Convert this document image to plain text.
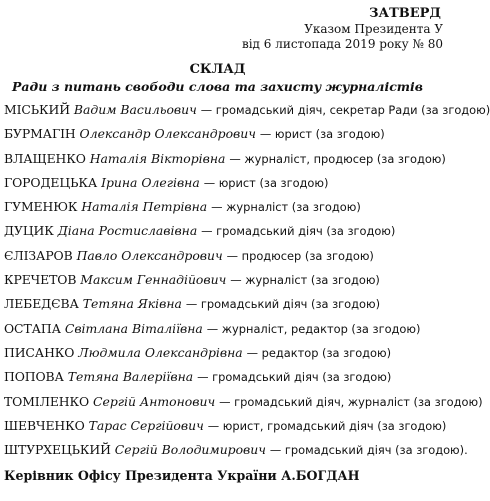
ЗАТВЕРД
Указом Президента У
від 6 листопада 2019 року № 80
СКЛАД
Ради з питань свободи слова та захисту журналістів
МІСЬКИЙ Вадим Васильович — громадський діяч, секретар Ради (за згодою)
БУРМАГІН Олександр Олександрович — юрист (за згодою)
ВЛАЩЕНКО Наталія Вікторівна — журналіст, продюсер (за згодою)
ГОРОДЕЦЬКА Ірина Олегівна — юрист (за згодою)
ГУМЕНЮК Наталія Петрівна — журналіст (за згодою)
ДУЦИК Діана Ростиславівна — громадський діяч (за згодою)
ЄЛІЗАРОВ Павло Олександрович — продюсер (за згодою)
КРЕЧЕТОВ Максим Геннадійович — журналіст (за згодою)
ЛЕБЕДЄВА Тетяна Яківна — громадський діяч (за згодою)
ОСТАПА Світлана Віталіївна — журналіст, редактор (за згодою)
ПИСАНКО Людмила Олександрівна — редактор (за згодою)
ПОПОВА Тетяна Валеріївна — громадський діяч (за згодою)
ТОМІЛЕНКО Сергій Антонович — громадський діяч, журналіст (за згодою)
ШЕВЧЕНКО Тарас Сергійович — юрист, громадський діяч (за згодою)
ШТУРХЕЦЬКИЙ Сергій Володимирович — громадський діяч (за згодою).
Керівник Офісу Президента України А.БОГДАН
